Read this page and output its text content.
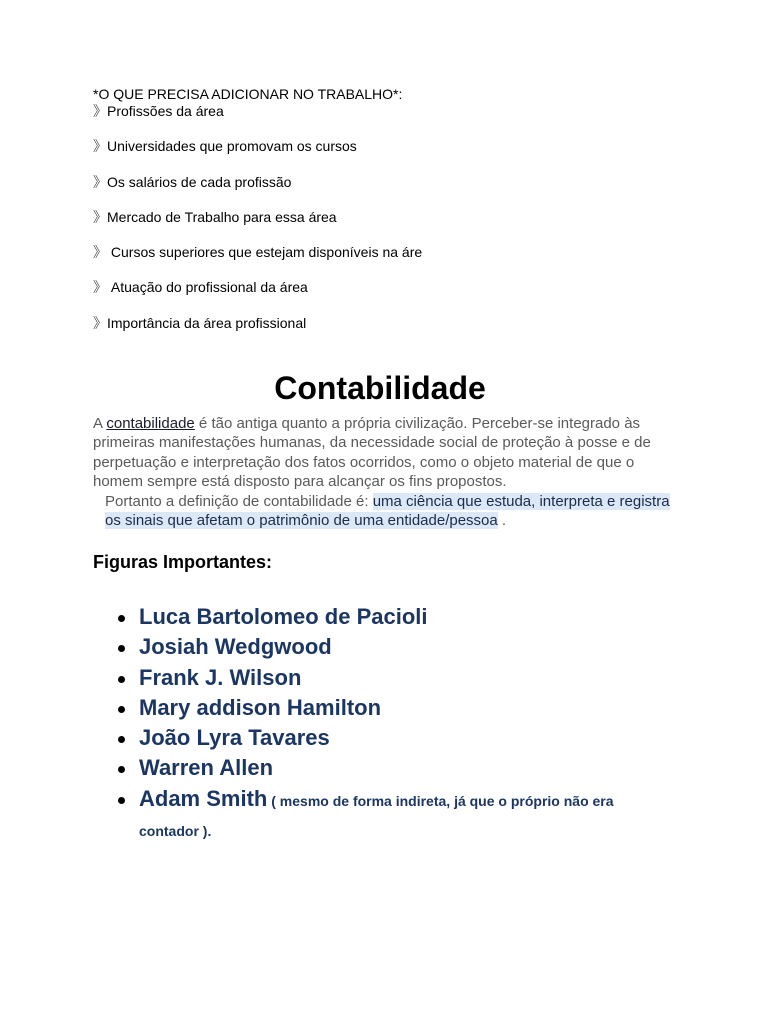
*O QUE PRECISA ADICIONAR NO TRABALHO*:
》Profissões da área
》Universidades que promovam os cursos
》Os salários de cada profissão
》Mercado de Trabalho para essa área
》 Cursos superiores que estejam disponíveis na áre
》 Atuação do profissional da área
》Importância da área profissional
Contabilidade

A contabilidade é tão antiga quanto a própria civilização. Perceber-se integrado às primeiras manifestações humanas, da necessidade social de proteção à posse e de perpetuação e interpretação dos fatos ocorridos, como o objeto material de que o homem sempre está disposto para alcançar os fins propostos.
Portanto a definição de contabilidade é: uma ciência que estuda, interpreta e registra os sinais que afetam o patrimônio de uma entidade/pessoa .

Figuras Importantes:
Luca Bartolomeo de Pacioli
Josiah Wedgwood
Frank J. Wilson
Mary addison Hamilton
João Lyra Tavares
Warren Allen
Adam Smith ( mesmo de forma indireta, já que o próprio não era contador ).
